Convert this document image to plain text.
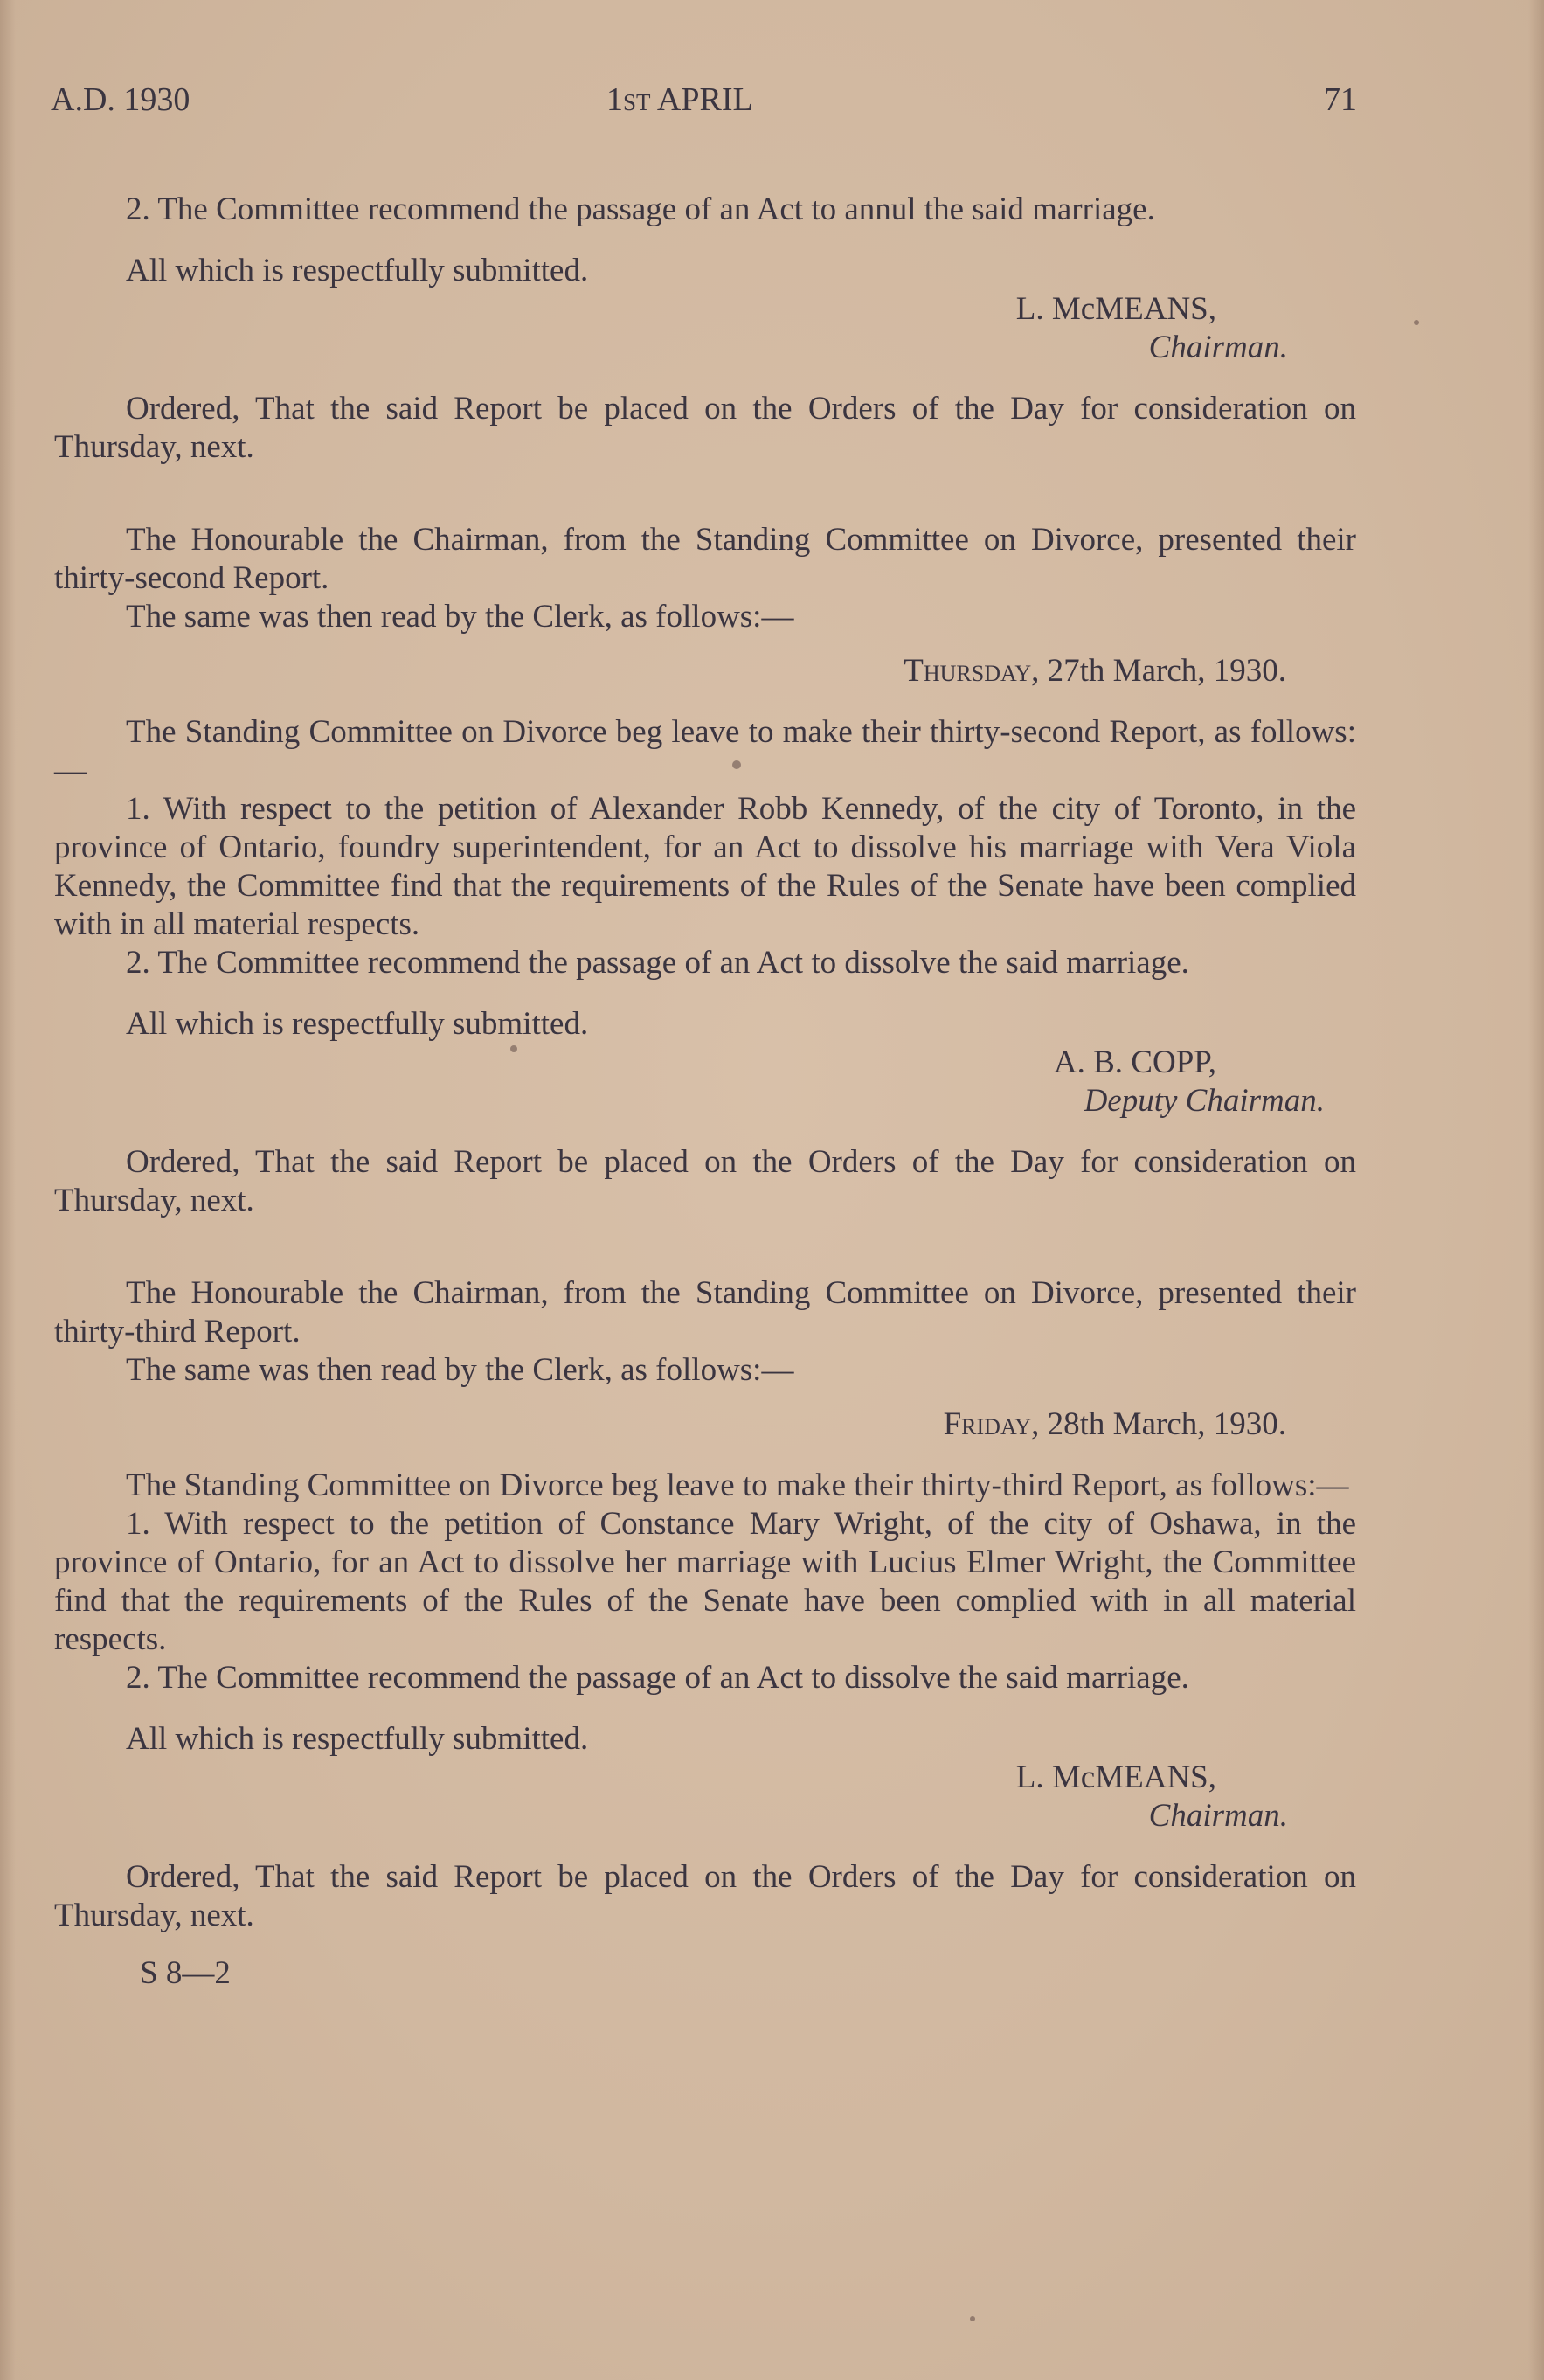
A.D. 1930	1st APRIL	71

2. The Committee recommend the passage of an Act to annul the said marriage.

All which is respectfully submitted.

L. McMEANS,
Chairman.

Ordered, That the said Report be placed on the Orders of the Day for consideration on Thursday, next.

The Honourable the Chairman, from the Standing Committee on Divorce, presented their thirty-second Report.

The same was then read by the Clerk, as follows:—

Thursday, 27th March, 1930.

The Standing Committee on Divorce beg leave to make their thirty-second Report, as follows:—

1. With respect to the petition of Alexander Robb Kennedy, of the city of Toronto, in the province of Ontario, foundry superintendent, for an Act to dissolve his marriage with Vera Viola Kennedy, the Committee find that the requirements of the Rules of the Senate have been complied with in all material respects.

2. The Committee recommend the passage of an Act to dissolve the said marriage.

All which is respectfully submitted.

A. B. COPP,
Deputy Chairman.

Ordered, That the said Report be placed on the Orders of the Day for consideration on Thursday, next.

The Honourable the Chairman, from the Standing Committee on Divorce, presented their thirty-third Report.

The same was then read by the Clerk, as follows:—

Friday, 28th March, 1930.

The Standing Committee on Divorce beg leave to make their thirty-third Report, as follows:—

1. With respect to the petition of Constance Mary Wright, of the city of Oshawa, in the province of Ontario, for an Act to dissolve her marriage with Lucius Elmer Wright, the Committee find that the requirements of the Rules of the Senate have been complied with in all material respects.

2. The Committee recommend the passage of an Act to dissolve the said marriage.

All which is respectfully submitted.

L. McMEANS,
Chairman.

Ordered, That the said Report be placed on the Orders of the Day for consideration on Thursday, next.

S 8—2
